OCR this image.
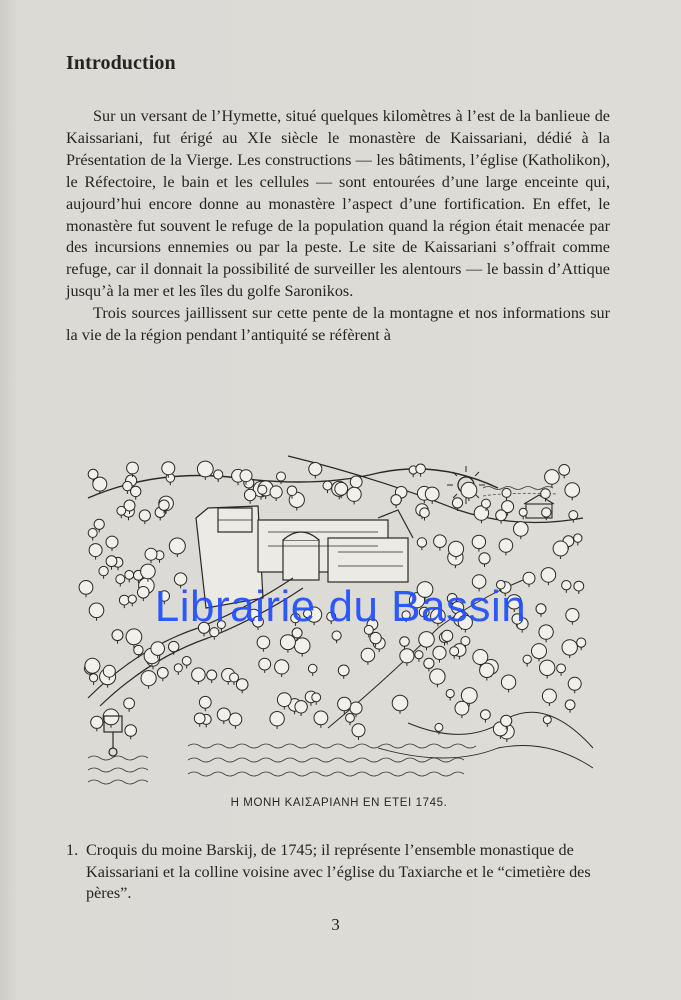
Introduction

Sur un versant de l’Hymette, situé quelques kilomètres à l’est de la banlieue de Kaissariani, fut érigé au XIe siècle le monastère de Kaissariani, dédié à la Présentation de la Vierge. Les constructions — les bâtiments, l’église (Katholikon), le Réfectoire, le bain et les cellules — sont entourées d’une large enceinte qui, aujourd’hui encore donne au monastère l’aspect d’une fortification. En effet, le monastère fut souvent le refuge de la population quand la région était menacée par des incursions ennemies ou par la peste. Le site de Kaissariani s’offrait comme refuge, car il donnait la possibilité de surveiller les alentours — le bassin d’Attique jusqu’à la mer et les îles du golfe Saronikos.

Trois sources jaillissent sur cette pente de la montagne et nos informations sur la vie de la région pendant l’antiquité se réfèrent à

Η ΜΟΝΗ ΚΑΙΣΑΡΙΑΝΗ ΕΝ ΕΤΕΙ 1745.
Librairie du Bassin
1. Croquis du moine Barskij, de 1745; il représente l’ensemble monastique de Kaissariani et la colline voisine avec l’église du Taxiarche et le “cimetière des pères”.
3
